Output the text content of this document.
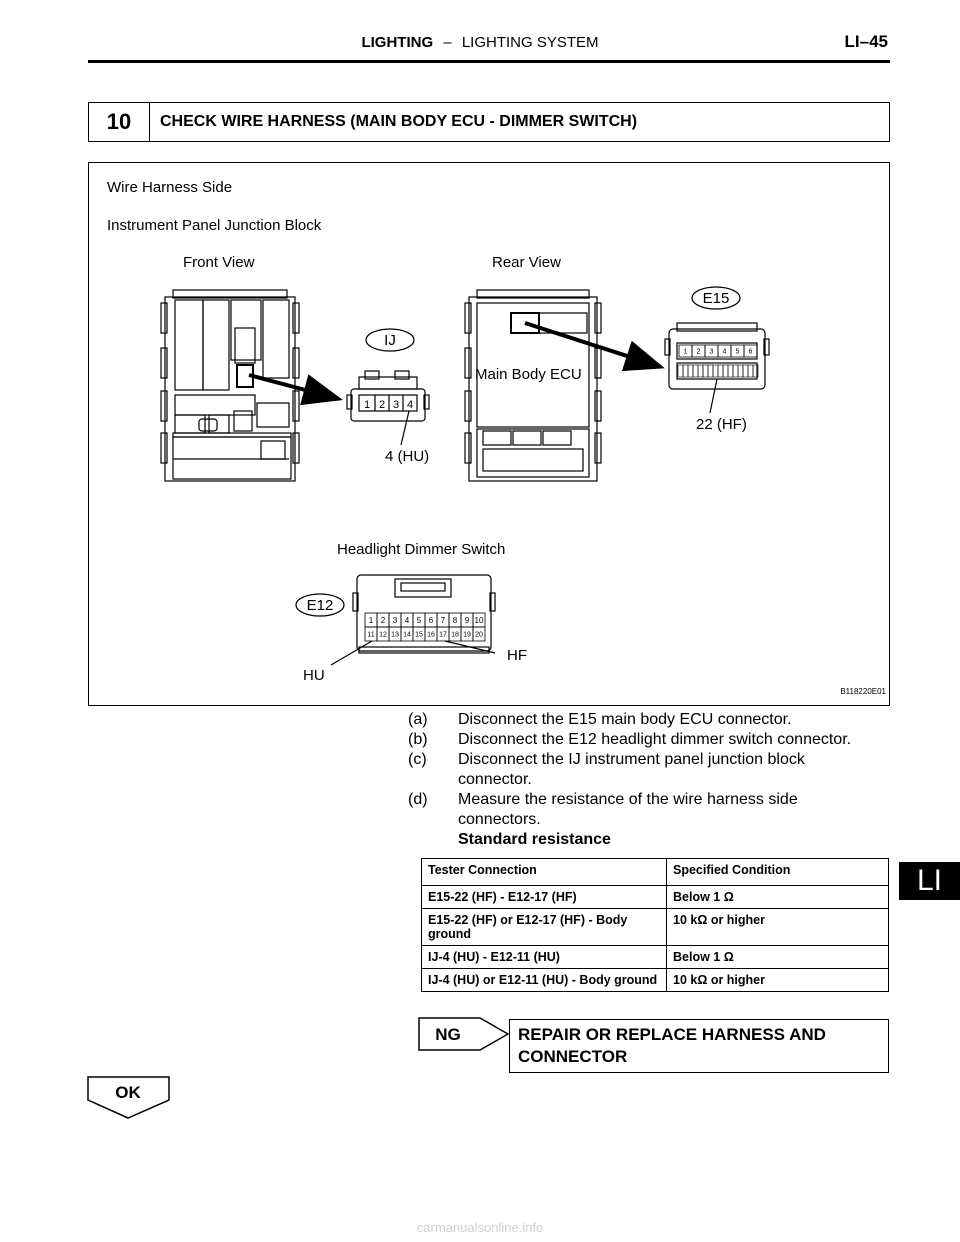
LIGHTING – LIGHTING SYSTEM	LI–45
10	CHECK WIRE HARNESS (MAIN BODY ECU - DIMMER SWITCH)
Wire Harness Side
Instrument Panel Junction Block
Front View	Rear View
IJ
1 2 3 4
4 (HU)
Main Body ECU
E15
1 2 3 4 5 6
22 (HF)
Headlight Dimmer Switch
E12
1 2 3 4 5 6 7 8 9 10
11 12 13 14 15 16 17 18 19 20
HU
HF
B118220E01
(a)	Disconnect the E15 main body ECU connector.
(b)	Disconnect the E12 headlight dimmer switch connector.
(c)	Disconnect the IJ instrument panel junction block connector.
(d)	Measure the resistance of the wire harness side connectors.
Standard resistance
Tester Connection	Specified Condition
E15-22 (HF) - E12-17 (HF)	Below 1 Ω
E15-22 (HF) or E12-17 (HF) - Body ground	10 kΩ or higher
IJ-4 (HU) - E12-11 (HU)	Below 1 Ω
IJ-4 (HU) or E12-11 (HU) - Body ground	10 kΩ or higher
NG	REPAIR OR REPLACE HARNESS AND CONNECTOR
OK
LI
carmanualsonline.info
